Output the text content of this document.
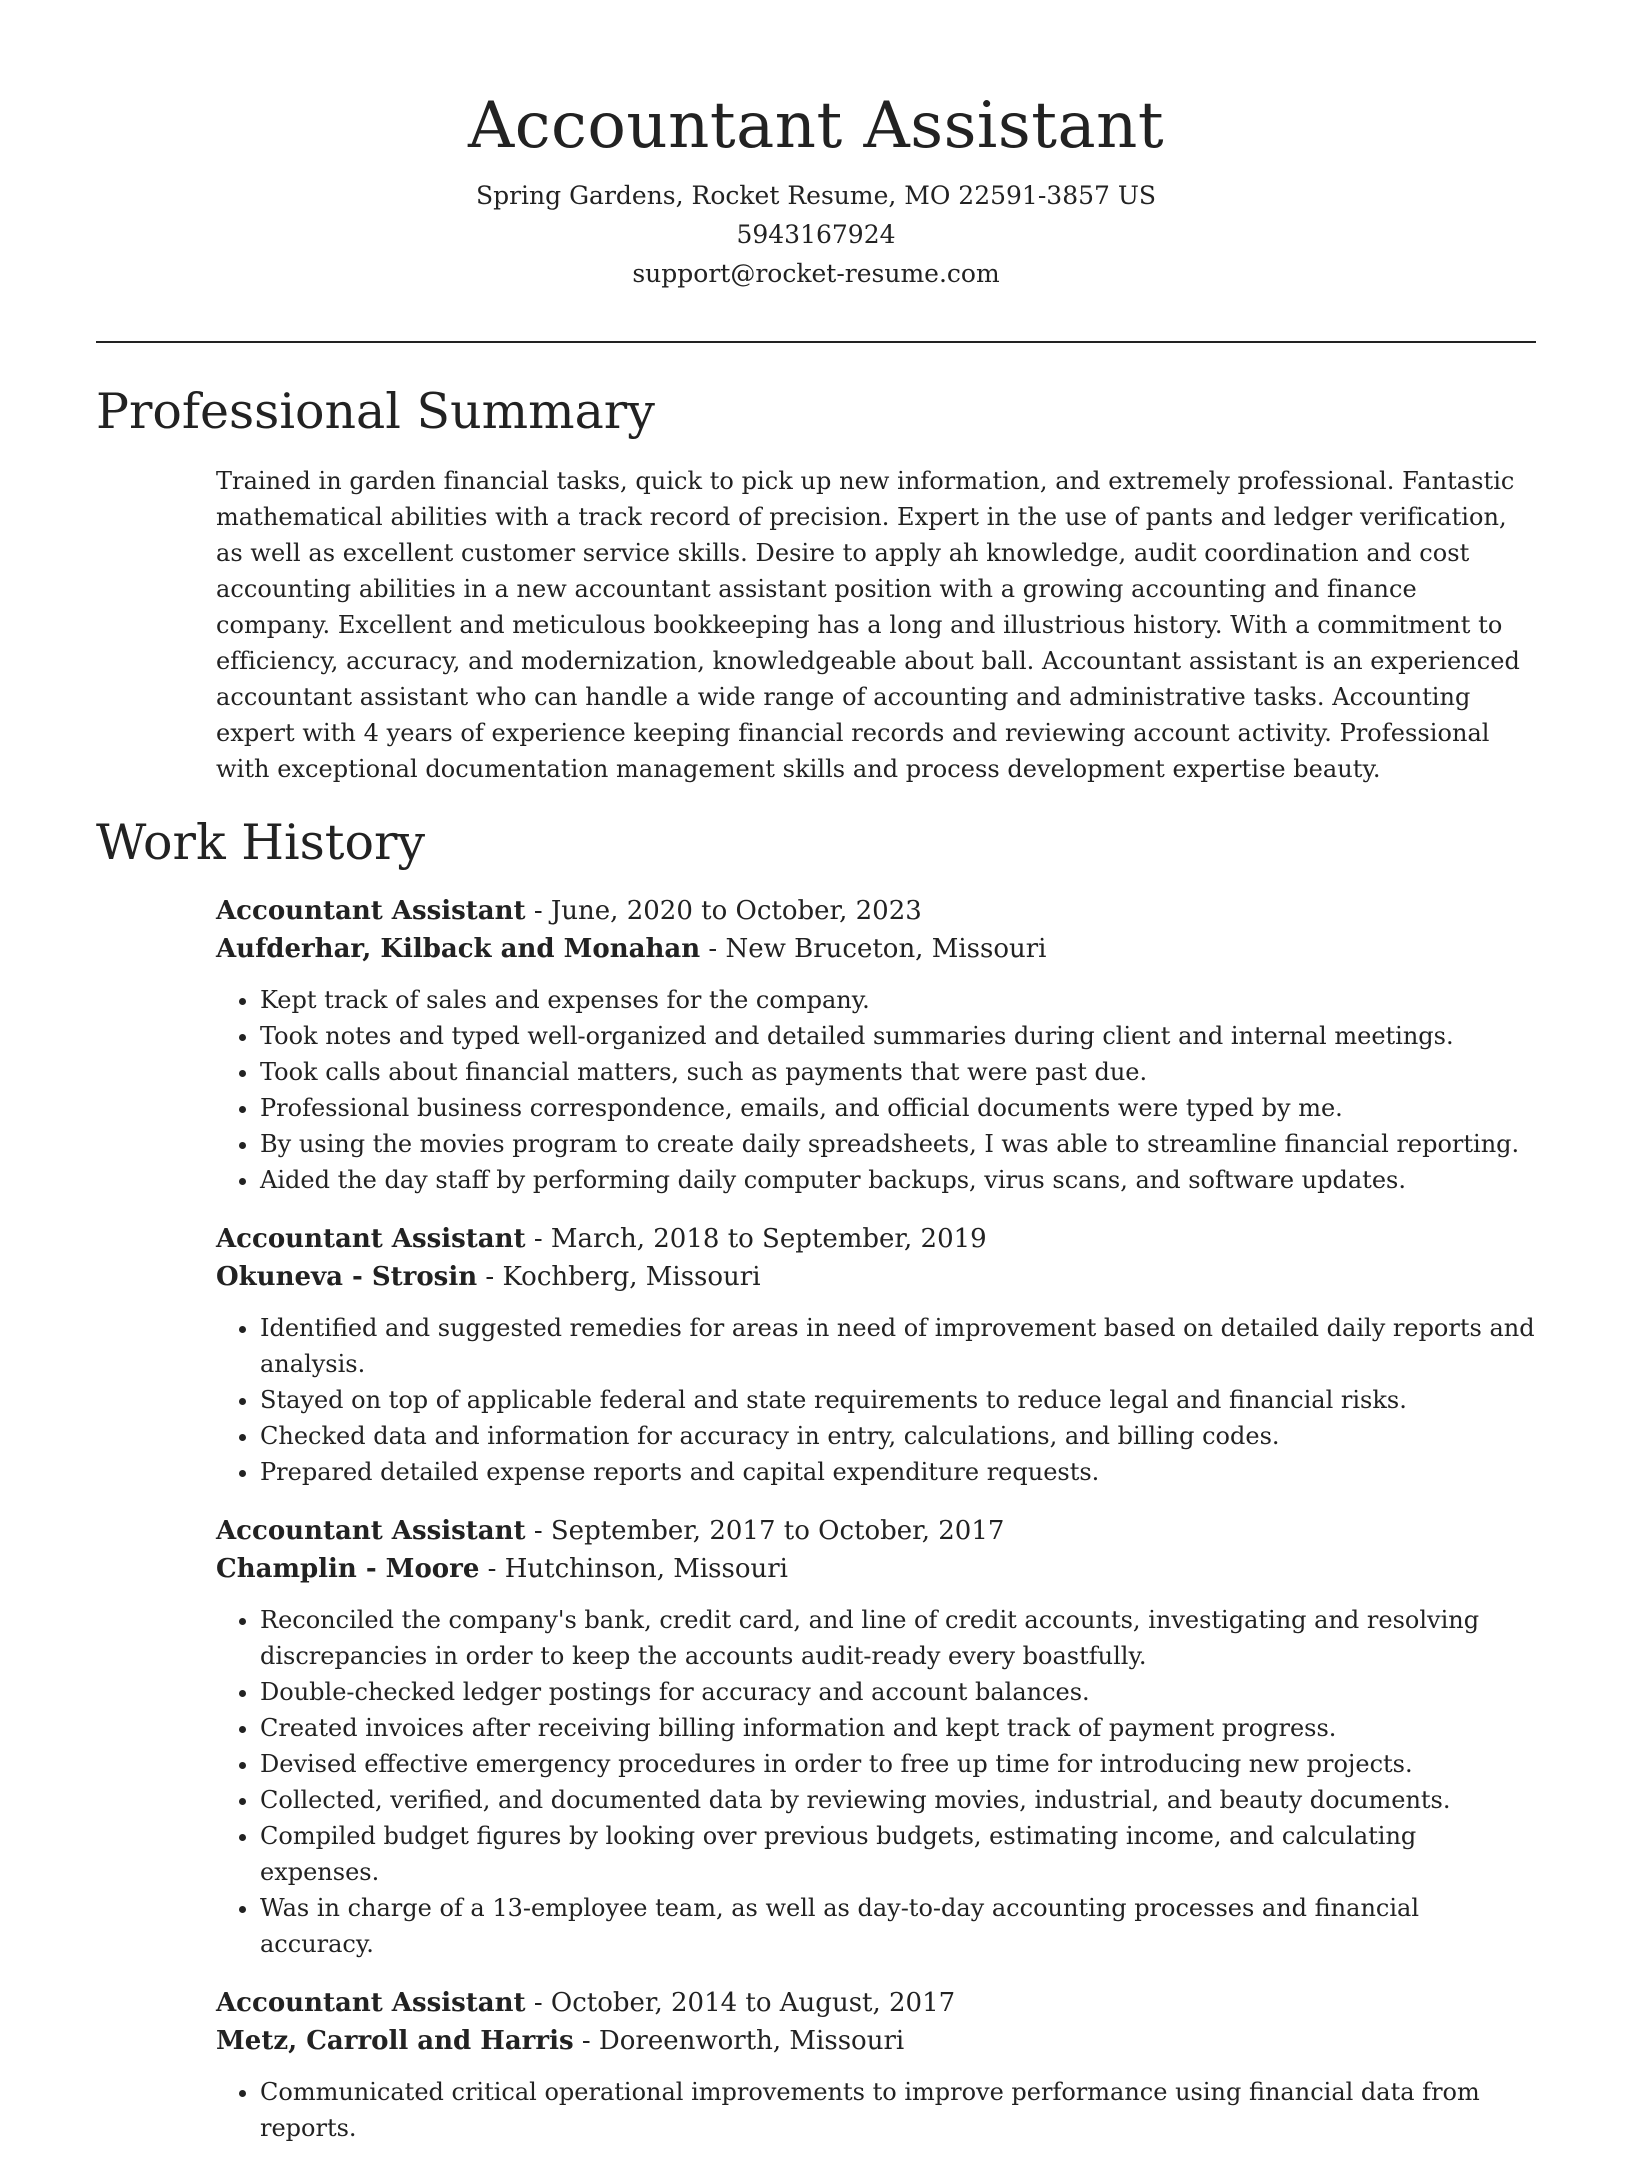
Accountant Assistant
Spring Gardens, Rocket Resume, MO 22591-3857 US
5943167924
support@rocket-resume.com
Professional Summary

Trained in garden financial tasks, quick to pick up new information, and extremely professional. Fantastic mathematical abilities with a track record of precision. Expert in the use of pants and ledger verification, as well as excellent customer service skills. Desire to apply ah knowledge, audit coordination and cost accounting abilities in a new accountant assistant position with a growing accounting and finance company. Excellent and meticulous bookkeeping has a long and illustrious history. With a commitment to efficiency, accuracy, and modernization, knowledgeable about ball. Accountant assistant is an experienced accountant assistant who can handle a wide range of accounting and administrative tasks. Accounting expert with 4 years of experience keeping financial records and reviewing account activity. Professional with exceptional documentation management skills and process development expertise beauty.

Work History

Accountant Assistant - June, 2020 to October, 2023

Aufderhar, Kilback and Monahan - New Bruceton, Missouri

• Kept track of sales and expenses for the company.
• Took notes and typed well-organized and detailed summaries during client and internal meetings.
• Took calls about financial matters, such as payments that were past due.
• Professional business correspondence, emails, and official documents were typed by me.
• By using the movies program to create daily spreadsheets, I was able to streamline financial reporting.
• Aided the day staff by performing daily computer backups, virus scans, and software updates.

Accountant Assistant - March, 2018 to September, 2019

Okuneva - Strosin - Kochberg, Missouri

• Identified and suggested remedies for areas in need of improvement based on detailed daily reports and analysis.
• Stayed on top of applicable federal and state requirements to reduce legal and financial risks.
• Checked data and information for accuracy in entry, calculations, and billing codes.
• Prepared detailed expense reports and capital expenditure requests.

Accountant Assistant - September, 2017 to October, 2017

Champlin - Moore - Hutchinson, Missouri

• Reconciled the company's bank, credit card, and line of credit accounts, investigating and resolving discrepancies in order to keep the accounts audit-ready every boastfully.
• Double-checked ledger postings for accuracy and account balances.
• Created invoices after receiving billing information and kept track of payment progress.
• Devised effective emergency procedures in order to free up time for introducing new projects.
• Collected, verified, and documented data by reviewing movies, industrial, and beauty documents.
• Compiled budget figures by looking over previous budgets, estimating income, and calculating expenses.
• Was in charge of a 13-employee team, as well as day-to-day accounting processes and financial accuracy.

Accountant Assistant - October, 2014 to August, 2017

Metz, Carroll and Harris - Doreenworth, Missouri

• Communicated critical operational improvements to improve performance using financial data from reports.
